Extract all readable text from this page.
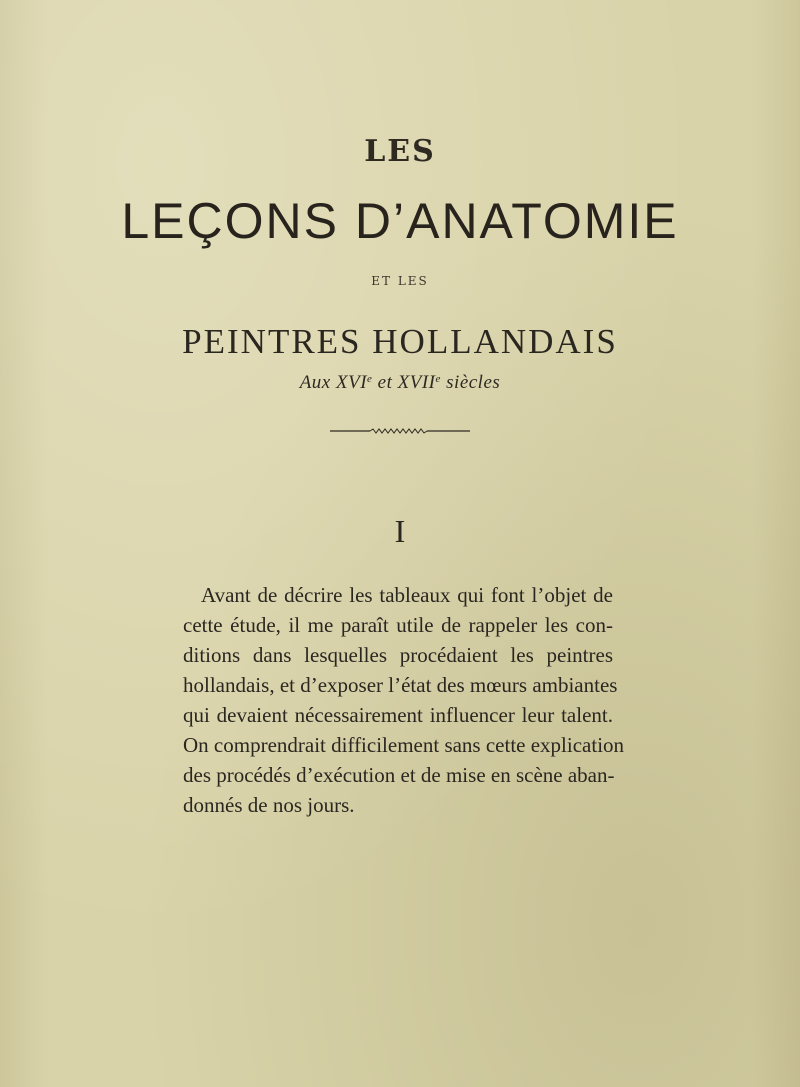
LES
LEÇONS D’ANATOMIE
ET LES
PEINTRES HOLLANDAIS
Aux XVIe et XVIIe siècles
I
Avant de décrire les tableaux qui font l’objet de
cette étude, il me paraît utile de rappeler les con-
ditions dans lesquelles procédaient les peintres
hollandais, et d’exposer l’état des mœurs ambiantes
qui devaient nécessairement influencer leur talent.
On comprendrait difficilement sans cette explication
des procédés d’exécution et de mise en scène aban-
donnés de nos jours.
